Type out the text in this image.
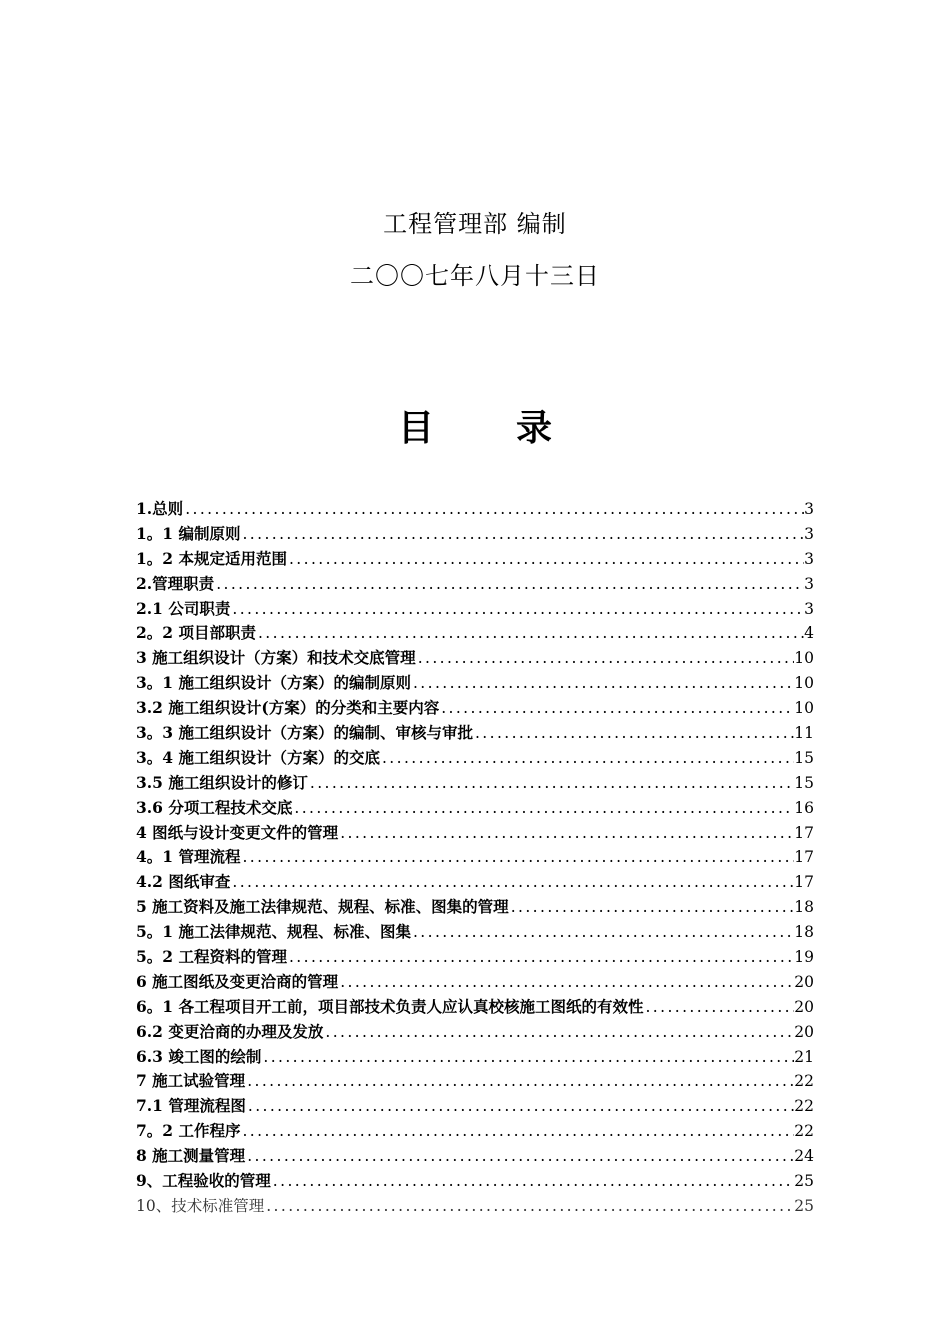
工程管理部 编制
二〇〇七年八月十三日
目 录
1.总则 .....	3
1。1 编制原则 .....	3
1。2 本规定适用范围 .....	3
2.管理职责 .....	3
2.1 公司职责 .....	3
2。2 项目部职责 .....	4
3 施工组织设计（方案）和技术交底管理 .....	10
3。1 施工组织设计（方案）的编制原则 .....	10
3.2 施工组织设计(方案）的分类和主要内容 .....	10
3。3 施工组织设计（方案）的编制、审核与审批 .....	11
3。4 施工组织设计（方案）的交底 .....	15
3.5 施工组织设计的修订 .....	15
3.6 分项工程技术交底 .....	16
4 图纸与设计变更文件的管理 .....	17
4。1 管理流程 .....	17
4.2 图纸审查 .....	17
5 施工资料及施工法律规范、规程、标准、图集的管理 .....	18
5。1 施工法律规范、规程、标准、图集 .....	18
5。2 工程资料的管理 .....	19
6 施工图纸及变更洽商的管理 .....	20
6。1 各工程项目开工前，项目部技术负责人应认真校核施工图纸的有效性 .....	20
6.2 变更洽商的办理及发放 .....	20
6.3 竣工图的绘制 .....	21
7 施工试验管理 .....	22
7.1 管理流程图 .....	22
7。2 工作程序 .....	22
8 施工测量管理 .....	24
9、工程验收的管理 .....	25
10、技术标准管理 .....	25
